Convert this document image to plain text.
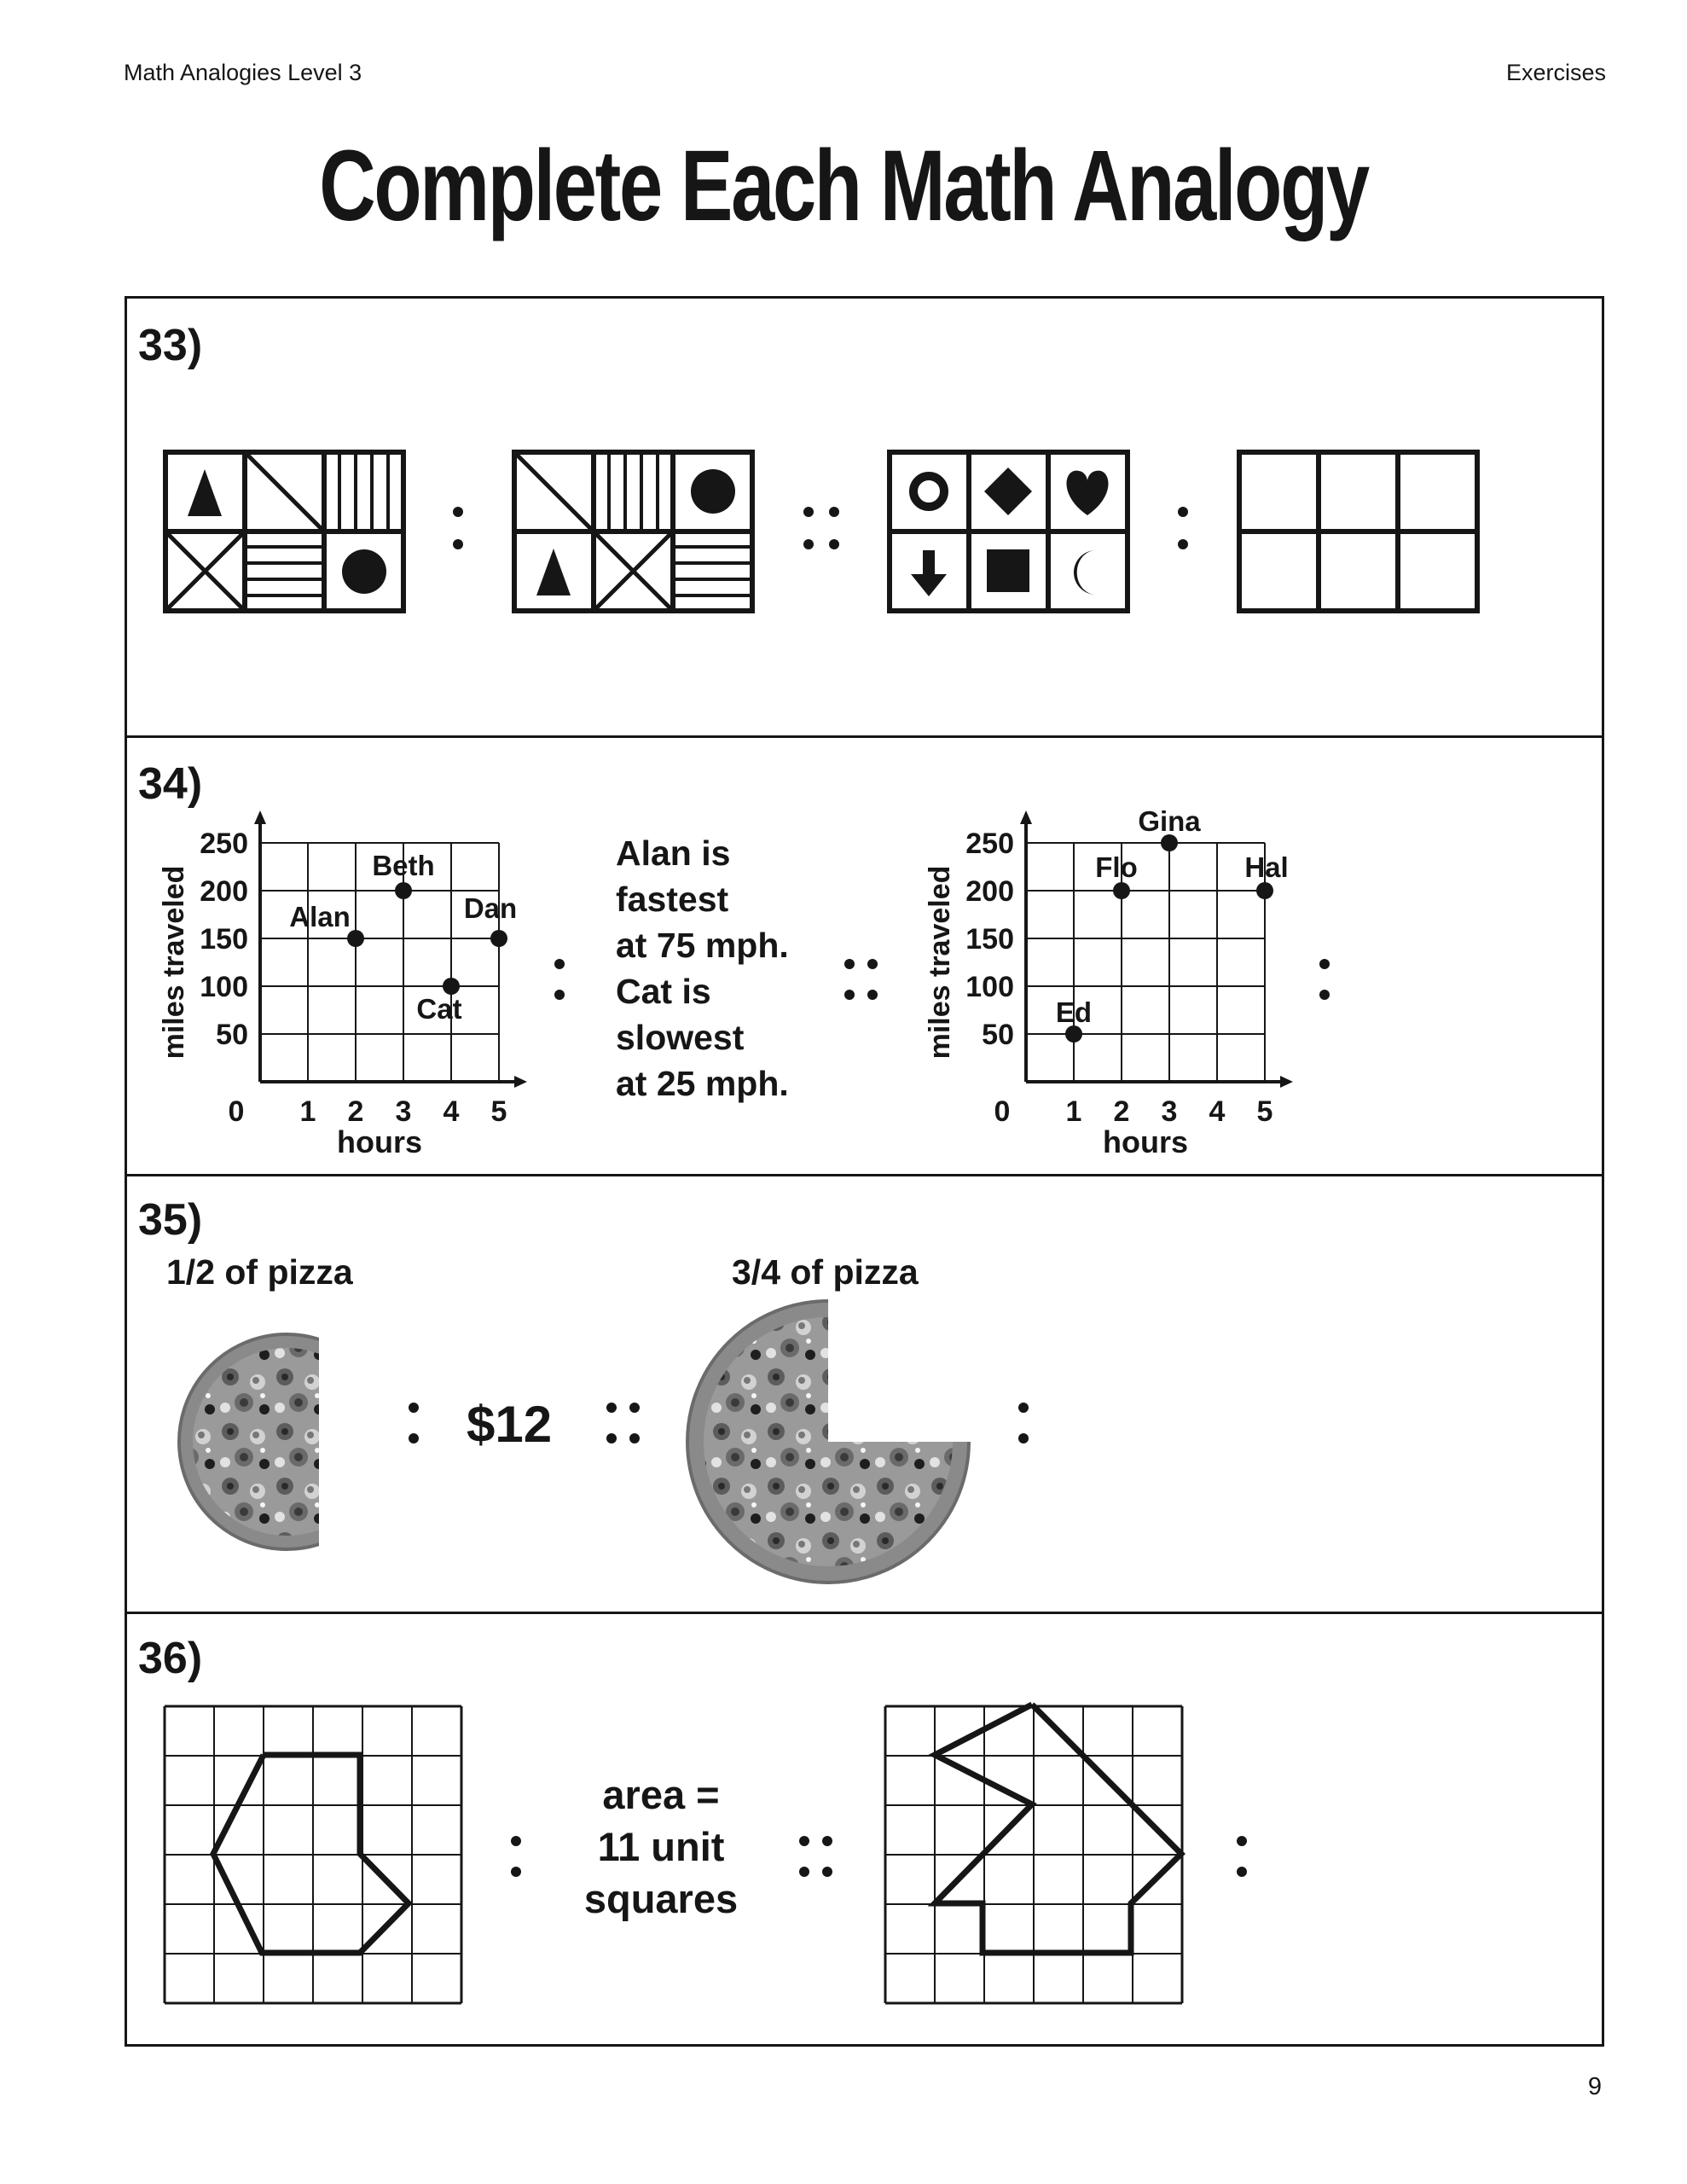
Math Analogies Level 3	Exercises
Complete Each Math Analogy
33)
34)
35)
36)
50
100
150
200
250
1 2 3 4 5
0
hours
miles traveled	Alan
Beth
Cat
Dan
50
100
150
200
250
1 2 3 4 5
0
hours
miles traveled	Ed
Flo
Gina
Hal
1/2 of pizza	3/4 of pizza
$12
Alan is
fastest
at 75 mph.
Cat is
slowest
at 25 mph.
area =
11 unit
squares
9
